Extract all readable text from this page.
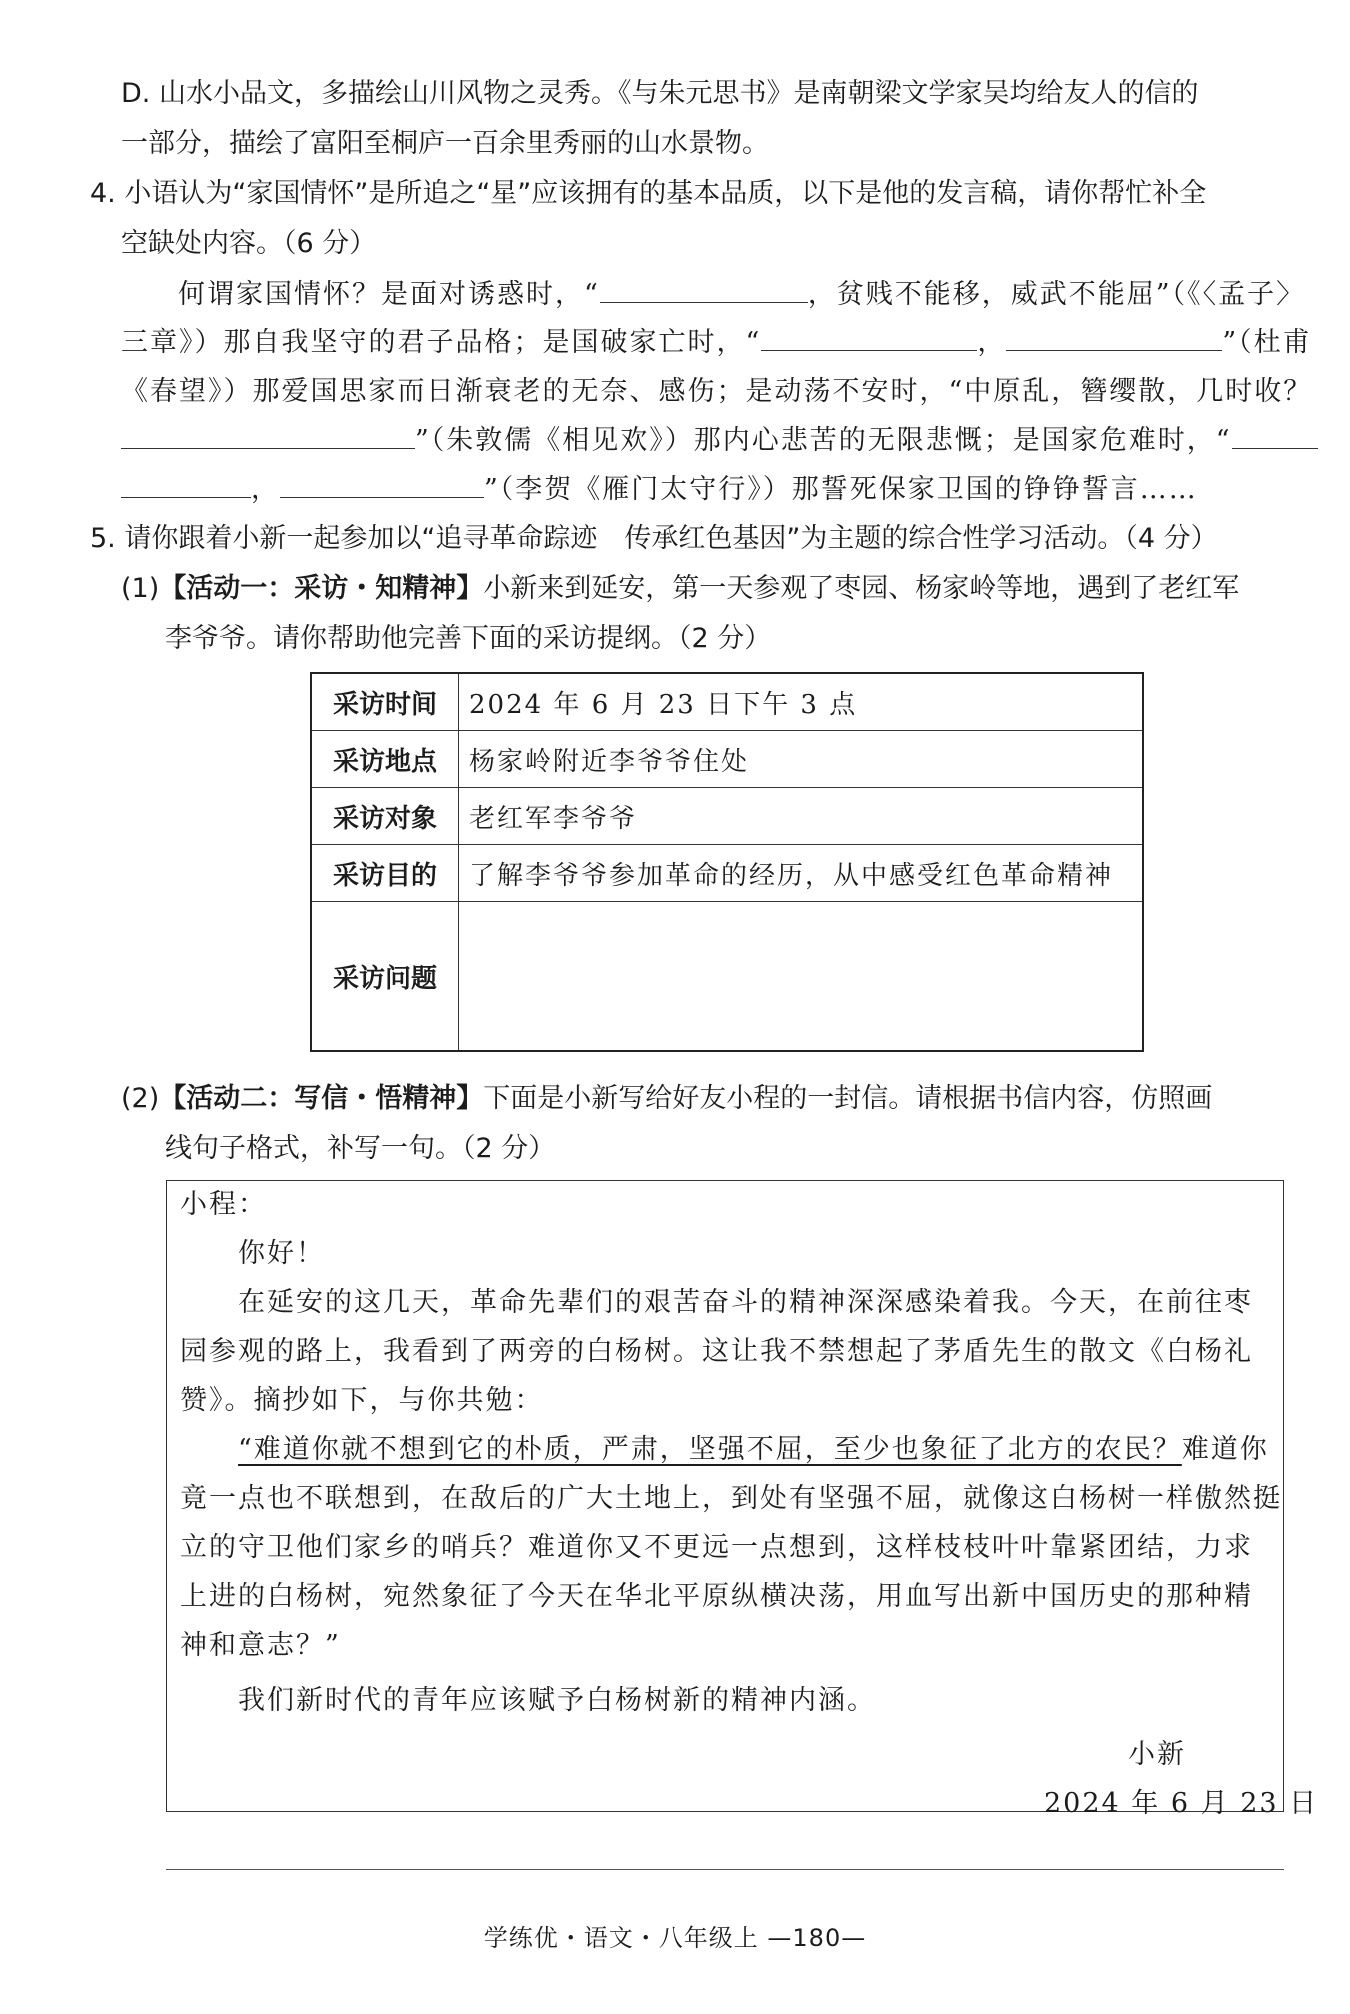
D. 山水小品文，多描绘山川风物之灵秀。《与朱元思书》是南朝梁文学家吴均给友人的信的
一部分，描绘了富阳至桐庐一百余里秀丽的山水景物。
4. 小语认为“家国情怀”是所追之“星”应该拥有的基本品质，以下是他的发言稿，请你帮忙补全
空缺处内容。（6 分）
何谓家国情怀？是面对诱惑时，“	，贫贱不能移，威武不能屈”（《〈孟子〉
三章》）那自我坚守的君子品格；是国破家亡时，“	，	”（杜甫
《春望》）那爱国思家而日渐衰老的无奈、感伤；是动荡不安时，“中原乱，簪缨散，几时收？
”（朱敦儒《相见欢》）那内心悲苦的无限悲慨；是国家危难时，“
，	”（李贺《雁门太守行》）那誓死保家卫国的铮铮誓言……
5. 请你跟着小新一起参加以“追寻革命踪迹　传承红色基因”为主题的综合性学习活动。（4 分）
(1)【活动一：采访・知精神】小新来到延安，第一天参观了枣园、杨家岭等地，遇到了老红军
李爷爷。请你帮助他完善下面的采访提纲。（2 分）
采访时间	2024 年 6 月 23 日下午 3 点
采访地点	杨家岭附近李爷爷住处
采访对象	老红军李爷爷
采访目的	了解李爷爷参加革命的经历，从中感受红色革命精神
采访问题	
(2)【活动二：写信・悟精神】下面是小新写给好友小程的一封信。请根据书信内容，仿照画
线句子格式，补写一句。（2 分）
小程：
你好！
在延安的这几天，革命先辈们的艰苦奋斗的精神深深感染着我。今天，在前往枣
园参观的路上，我看到了两旁的白杨树。这让我不禁想起了茅盾先生的散文《白杨礼
赞》。摘抄如下，与你共勉：
“难道你就不想到它的朴质，严肃，坚强不屈，至少也象征了北方的农民？难道你
竟一点也不联想到，在敌后的广大土地上，到处有坚强不屈，就像这白杨树一样傲然挺
立的守卫他们家乡的哨兵？难道你又不更远一点想到，这样枝枝叶叶靠紧团结，力求
上进的白杨树，宛然象征了今天在华北平原纵横决荡，用血写出新中国历史的那种精
神和意志？”
我们新时代的青年应该赋予白杨树新的精神内涵。
小新
2024 年 6 月 23 日
学练优・语文・八年级上 —180—
